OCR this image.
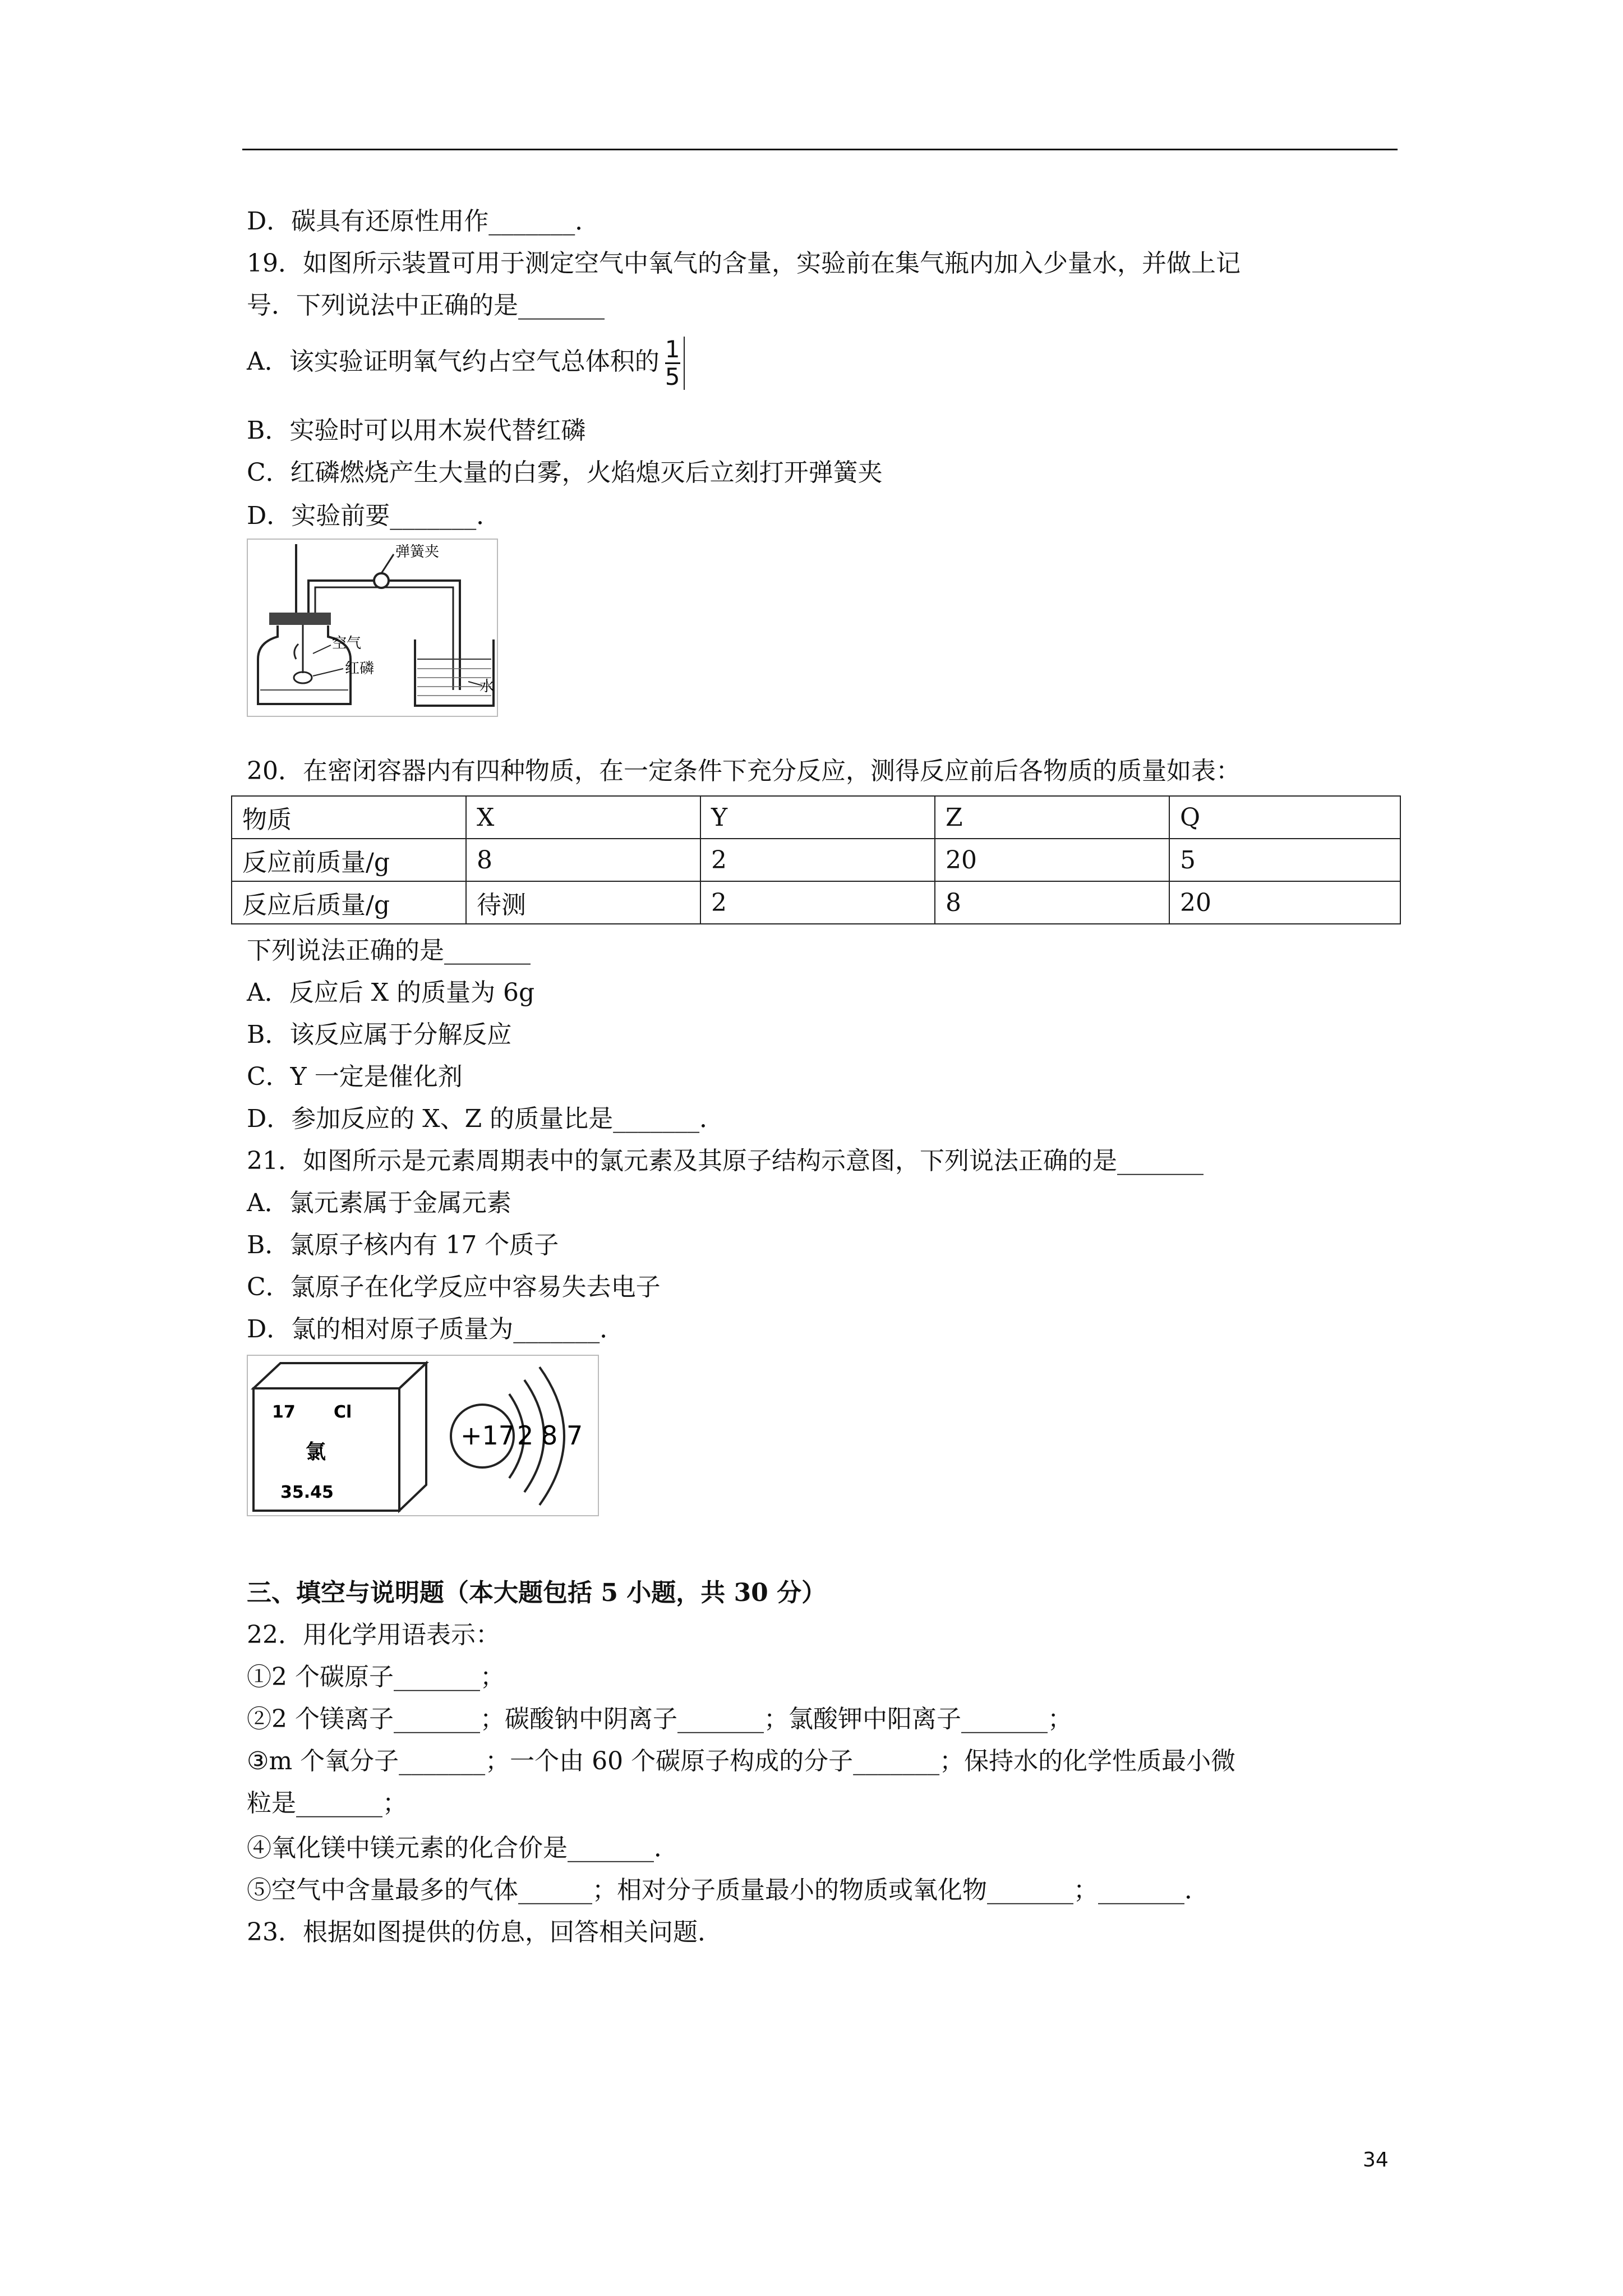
D．碳具有还原性用作_______．
19．如图所示装置可用于测定空气中氧气的含量，实验前在集气瓶内加入少量水，并做上记
号．下列说法中正确的是_______
A．该实验证明氧气约占空气总体积的 $\frac{1}{5}$
B．实验时可以用木炭代替红磷
C．红磷燃烧产生大量的白雾，火焰熄灭后立刻打开弹簧夹
D．实验前要_______．
弹簧夹
空气
红磷
水
20．在密闭容器内有四种物质，在一定条件下充分反应，测得反应前后各物质的质量如表：
物质	X	Y	Z	Q
反应前质量/g	8	2	20	5
反应后质量/g	待测	2	8	20
下列说法正确的是_______
A．反应后 X 的质量为 6g
B．该反应属于分解反应
C．Y 一定是催化剂
D．参加反应的 X、Z 的质量比是_______．
21．如图所示是元素周期表中的氯元素及其原子结构示意图，下列说法正确的是_______
A．氯元素属于金属元素
B．氯原子核内有 17 个质子
C．氯原子在化学反应中容易失去电子
D．氯的相对原子质量为_______．
17 Cl
氯
35.45
+17 2 8 7
三、填空与说明题（本大题包括 5 小题，共 30 分）
22．用化学用语表示：
①2 个碳原子_______；
②2 个镁离子_______；碳酸钠中阴离子_______；氯酸钾中阳离子_______；
③m 个氧分子_______；一个由 60 个碳原子构成的分子_______；保持水的化学性质最小微
粒是_______；
④氧化镁中镁元素的化合价是_______．
⑤空气中含量最多的气体______；相对分子质量最小的物质或氧化物_______；_______．
23．根据如图提供的仿息，回答相关问题．
34
